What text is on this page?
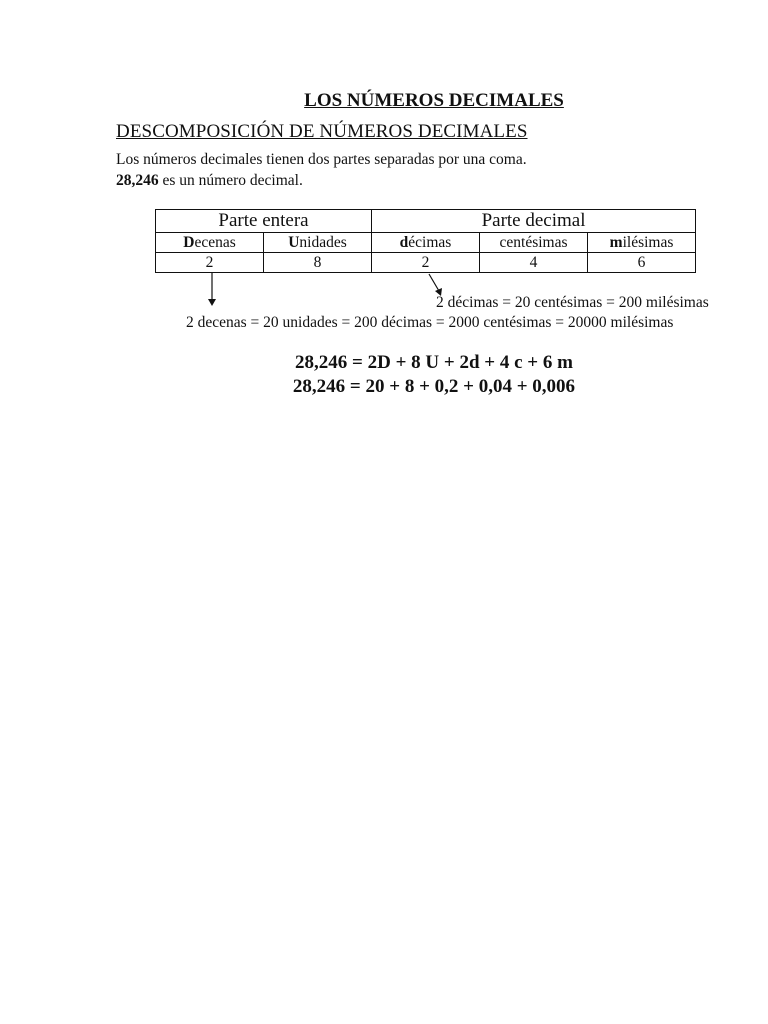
LOS NÚMEROS DECIMALES
DESCOMPOSICIÓN DE NÚMEROS DECIMALES
Los números decimales tienen dos partes separadas por una coma.
28,246 es un número decimal.
Parte entera		Parte decimal		
Decenas	Unidades	décimas	centésimas	milésimas
2	8	2	4	6
2 décimas = 20 centésimas = 200 milésimas
2 decenas = 20 unidades = 200 décimas = 2000 centésimas = 20000 milésimas
28,246 = 2D + 8 U + 2d + 4 c + 6 m
28,246 = 20 + 8 + 0,2 + 0,04 + 0,006
